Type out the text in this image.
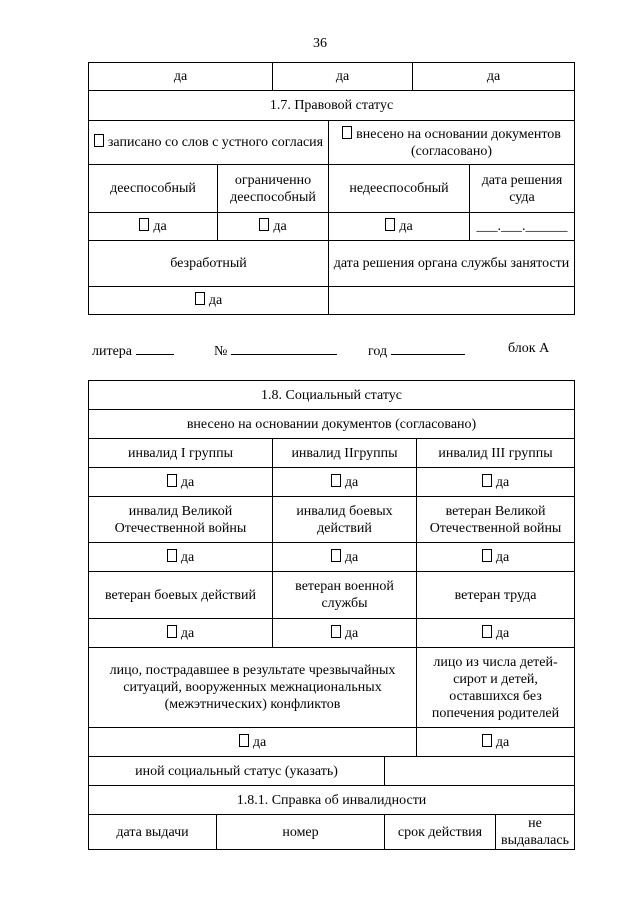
36
да		да		да	
1.7. Правовой статус					
записано со слов с устного согласия			внесено на основании документов (согласовано)		
дееспособный	ограниченно дееспособный		недееспособный		дата решения суда
да	да		да		___.___.______
безработный			дата решения органа службы занятости		
да					
литера	№	год	блок А
1.8. Социальный статус					
внесено на основании документов (согласовано)					
инвалид I группы		инвалид IIгруппы		инвалид III группы	
да		да		да	
инвалид Великой Отечественной войны		инвалид боевых действий		ветеран Великой Отечественной войны	
да		да		да	
ветеран боевых действий		ветеран военной службы		ветеран труда	
да		да		да	
лицо, пострадавшее в результате чрезвычайных ситуаций, вооруженных межнациональных (межэтнических) конфликтов				лицо из числа детей-сирот и детей, оставшихся без попечения родителей	
да				да	
иной социальный статус (указать)					
1.8.1. Справка об инвалидности					
дата выдачи	номер		срок действия		не выдавалась
